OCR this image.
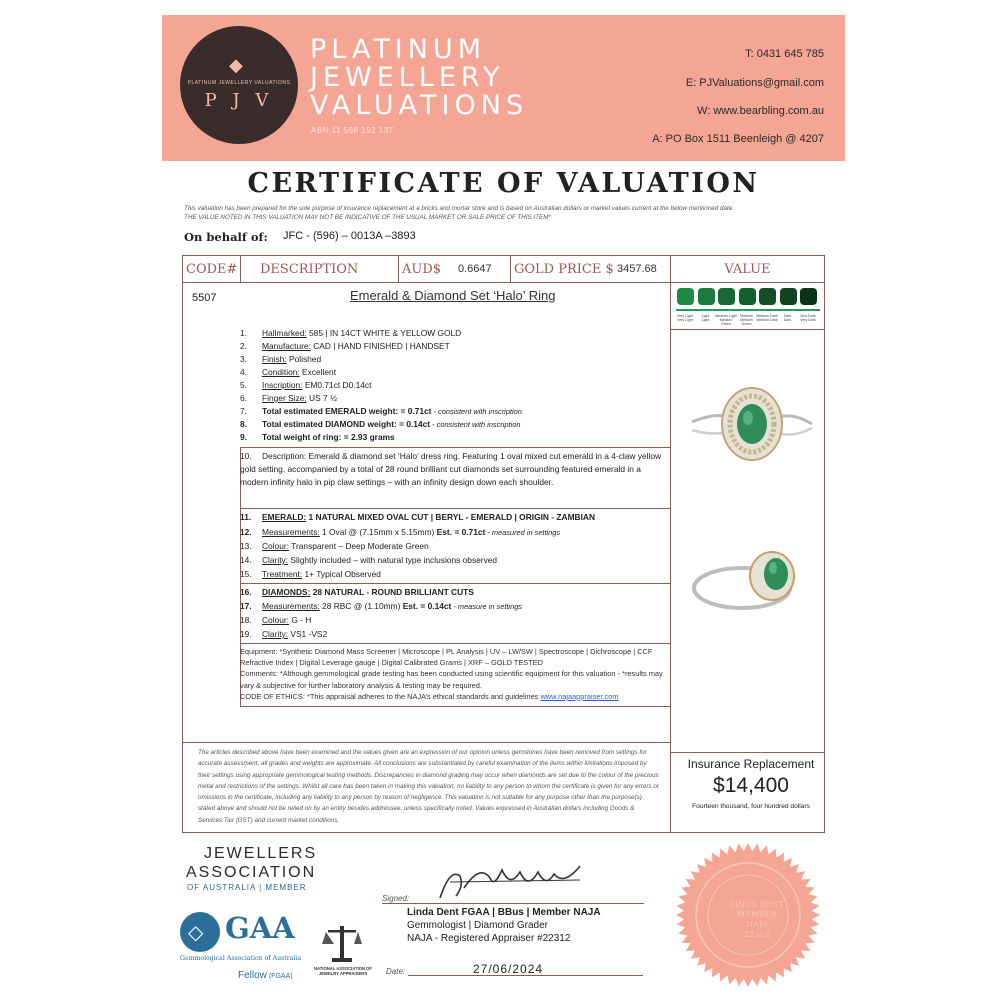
◆
PLATINUM JEWELLERY VALUATIONS
P J V
PLATINUM
JEWELLERY
VALUATIONS
ABN 11 568 192 137
T: 0431 645 785
E: PJValuations@gmail.com
W: www.bearbling.com.au
A: PO Box 1511 Beenleigh @ 4207
CERTIFICATE OF VALUATION
This valuation has been prepared for the sole purpose of insurance replacement at a bricks and mortar store and is based on Australian dollars or market values current at the below mentioned date.
THE VALUE NOTED IN THIS VALUATION MAY NOT BE INDICATIVE OF THE USUAL MARKET OR SALE PRICE OF THIS ITEM*
On behalf of: JFC - (596) – 0013A –3893
CODE# DESCRIPTION	AUD$ 0.6647 GOLD PRICE $ 3457.68	VALUE
5507	Emerald & Diamond Set ‘Halo’ Ring
1. Hallmarked: 585 | IN 14CT WHITE & YELLOW GOLD
2. Manufacture: CAD | HAND FINISHED | HANDSET
3. Finish: Polished
4. Condition: Excellent
5. Inscription: EM0.71ct D0.14ct
6. Finger Size: US 7 ½
7. Total estimated EMERALD weight: = 0.71ct - consistent with inscription
8. Total estimated DIAMOND weight: = 0.14ct - consistent with inscription
9. Total weight of ring: = 2.93 grams
10. Description: Emerald & diamond set ‘Halo’ dress ring. Featuring 1 oval mixed cut emerald in a 4-claw yellow gold setting, accompanied by a total of 28 round brilliant cut diamonds set surrounding featured emerald in a modern infinity halo in pip claw settings – with an infinity design down each shoulder.
11. EMERALD: 1 NATURAL MIXED OVAL CUT | BERYL - EMERALD | ORIGIN - ZAMBIAN
12. Measurements: 1 Oval @ (7.15mm x 5.15mm) Est. = 0.71ct - measured in settings
13. Colour: Transparent – Deep Moderate Green
14. Clarity: Slightly included – with natural type inclusions observed
15. Treatment: 1+ Typical Observed
16. DIAMONDS: 28 NATURAL - ROUND BRILLIANT CUTS
17. Measurements: 28 RBC @ (1.10mm) Est. = 0.14ct - measure in settings
18. Colour: G - H
19. Clarity: VS1 -VS2
Equipment: *Synthetic Diamond Mass Screener | Microscope | PL Analysis | UV – LW/SW | Spectroscope | Dichroscope | CCF Refractive Index | Digital Leverage gauge | Digital Calibrated Grams | XRF – GOLD TESTED
Comments: *Although gemmological grade testing has been conducted using scientific equipment for this valuation - *results may vary & subjective for further laboratory analysis & testing may be required.
CODE OF ETHICS: *This appraisal adheres to the NAJA’s ethical standards and guidelines www.najaappraiser.com
Very Light
Very Light
Light
Light
Medium Light
Medium Green
Medium
Medium Green
Medium Dark
Medium Dark
Dark
Dark
Very Dark
Very Dark
Insurance Replacement
$14,400
Fourteen thousand, four hundred dollars
The articles described above have been examined and the values given are an expression of our opinion unless gemstones have been removed from settings for accurate assessment, all grades and weights are approximate. All conclusions are substantiated by careful examination of the items within limitations imposed by their settings using appropriate gemmological testing methods. Discrepancies in diamond grading may occur when diamonds are set due to the colour of the precious metal and restrictions of the settings. Whilst all care has been taken in making this valuation, no liability to any person to whom the certificate is given for any errors or omissions in the certificate, including any liability to any person by reason of negligence. This valuation is not suitable for any purpose other than the purpose(s) stated above and should not be relied on by an entity besides addressee, unless specifically noted. Values expressed in Australian dollars including Goods & Services Tax (GST) and current market conditions.
JEWELLERS
ASSOCIATION
OF AUSTRALIA | MEMBER
◇ GAA
Gemmological Association of Australia
Fellow (FGAA)
NATIONAL ASSOCIATION OF JEWELRY APPRAISERS
Signed:
Linda Dent FGAA | BBus | Member NAJA
Gemmologist | Diamond Grader
NAJA - Registered Appraiser #22312
Date:	27/06/2024
LINDA DENT
MEMBER
NAJA
22312
